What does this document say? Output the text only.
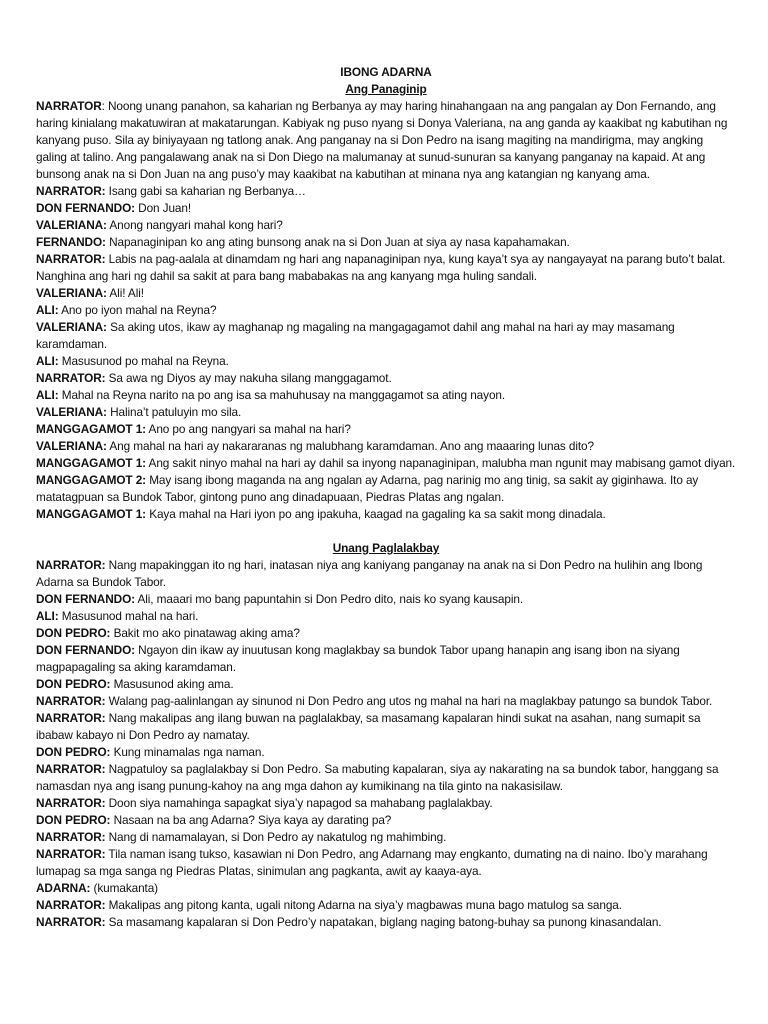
IBONG ADARNA

Ang Panaginip

NARRATOR: Noong unang panahon, sa kaharian ng Berbanya ay may haring hinahangaan na ang pangalan ay Don Fernando, ang haring kinialang makatuwiran at makatarungan. Kabiyak ng puso nyang si Donya Valeriana, na ang ganda ay kaakibat ng kabutihan ng kanyang puso. Sila ay biniyayaan ng tatlong anak. Ang panganay na si Don Pedro na isang magiting na mandirigma, may angking galing at talino. Ang pangalawang anak na si Don Diego na malumanay at sunud-sunuran sa kanyang panganay na kapaid. At ang bunsong anak na si Don Juan na ang puso’y may kaakibat na kabutihan at minana nya ang katangian ng kanyang ama.

NARRATOR: Isang gabi sa kaharian ng Berbanya…

DON FERNANDO: Don Juan!

VALERIANA: Anong nangyari mahal kong hari?

FERNANDO: Napanaginipan ko ang ating bunsong anak na si Don Juan at siya ay nasa kapahamakan.

NARRATOR: Labis na pag-aalala at dinamdam ng hari ang napanaginipan nya, kung kaya’t sya ay nangayayat na parang buto’t balat. Nanghina ang hari ng dahil sa sakit at para bang mababakas na ang kanyang mga huling sandali.

VALERIANA: Ali! Ali!

ALI: Ano po iyon mahal na Reyna?

VALERIANA: Sa aking utos, ikaw ay maghanap ng magaling na mangagagamot dahil ang mahal na hari ay may masamang karamdaman.

ALI: Masusunod po mahal na Reyna.

NARRATOR: Sa awa ng Diyos ay may nakuha silang manggagamot.

ALI: Mahal na Reyna narito na po ang isa sa mahuhusay na manggagamot sa ating nayon.

VALERIANA: Halina’t patuluyin mo sila.

MANGGAGAMOT 1: Ano po ang nangyari sa mahal na hari?

VALERIANA: Ang mahal na hari ay nakararanas ng malubhang karamdaman. Ano ang maaaring lunas dito?

MANGGAGAMOT 1: Ang sakit ninyo mahal na hari ay dahil sa inyong napanaginipan, malubha man ngunit may mabisang gamot diyan.

MANGGAGAMOT 2: May isang ibong maganda na ang ngalan ay Adarna, pag narinig mo ang tinig, sa sakit ay giginhawa. Ito ay matatagpuan sa Bundok Tabor, gintong puno ang dinadapuaan, Piedras Platas ang ngalan.

MANGGAGAMOT 1: Kaya mahal na Hari iyon po ang ipakuha, kaagad na gagaling ka sa sakit mong dinadala.

Unang Paglalakbay

NARRATOR: Nang mapakinggan ito ng hari, inatasan niya ang kaniyang panganay na anak na si Don Pedro na hulihin ang Ibong Adarna sa Bundok Tabor.

DON FERNANDO: Ali, maaari mo bang papuntahin si Don Pedro dito, nais ko syang kausapin.

ALI: Masusunod mahal na hari.

DON PEDRO: Bakit mo ako pinatawag aking ama?

DON FERNANDO: Ngayon din ikaw ay inuutusan kong maglakbay sa bundok Tabor upang hanapin ang isang ibon na siyang magpapagaling sa aking karamdaman.

DON PEDRO: Masusunod aking ama.

NARRATOR: Walang pag-aalinlangan ay sinunod ni Don Pedro ang utos ng mahal na hari na maglakbay patungo sa bundok Tabor.

NARRATOR: Nang makalipas ang ilang buwan na paglalakbay, sa masamang kapalaran hindi sukat na asahan, nang sumapit sa ibabaw kabayo ni Don Pedro ay namatay.

DON PEDRO: Kung minamalas nga naman.

NARRATOR: Nagpatuloy sa paglalakbay si Don Pedro. Sa mabuting kapalaran, siya ay nakarating na sa bundok tabor, hanggang sa namasdan nya ang isang punung-kahoy na ang mga dahon ay kumikinang na tila ginto na nakasisilaw.

NARRATOR: Doon siya namahinga sapagkat siya’y napagod sa mahabang paglalakbay.

DON PEDRO: Nasaan na ba ang Adarna? Siya kaya ay darating pa?

NARRATOR: Nang di namamalayan, si Don Pedro ay nakatulog ng mahimbing.

NARRATOR: Tila naman isang tukso, kasawian ni Don Pedro, ang Adarnang may engkanto, dumating na di naino. Ibo’y marahang lumapag sa mga sanga ng Piedras Platas, sinimulan ang pagkanta, awit ay kaaya-aya.

ADARNA: (kumakanta)

NARRATOR: Makalipas ang pitong kanta, ugali nitong Adarna na siya’y magbawas muna bago matulog sa sanga.

NARRATOR: Sa masamang kapalaran si Don Pedro’y napatakan, biglang naging batong-buhay sa punong kinasandalan.
